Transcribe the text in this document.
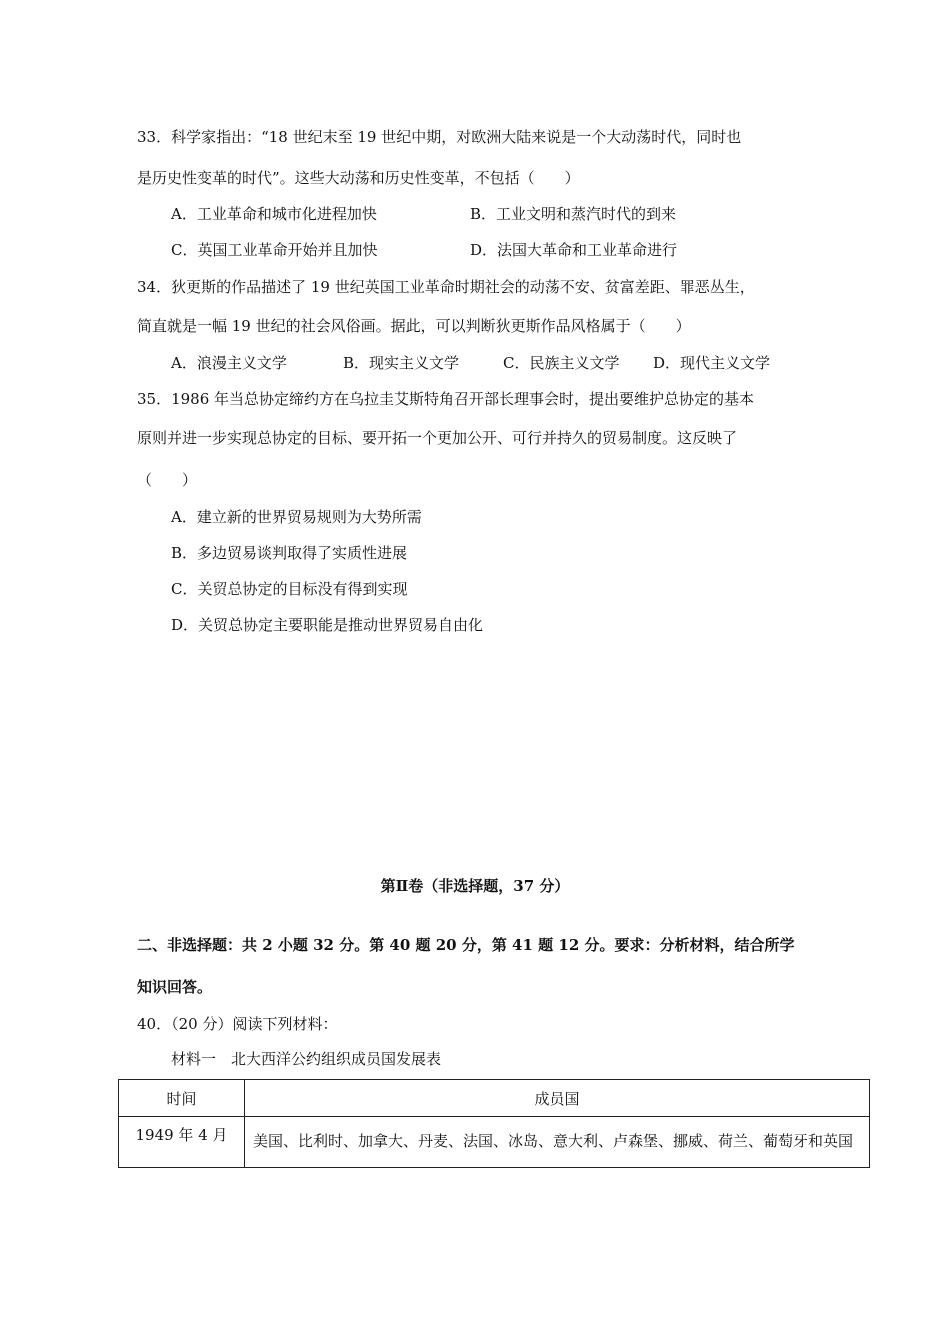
33．科学家指出：“18 世纪末至 19 世纪中期，对欧洲大陆来说是一个大动荡时代，同时也
是历史性变革的时代”。这些大动荡和历史性变革，不包括（　　）
A．工业革命和城市化进程加快	B．工业文明和蒸汽时代的到来
C．英国工业革命开始并且加快	D．法国大革命和工业革命进行
34．狄更斯的作品描述了 19 世纪英国工业革命时期社会的动荡不安、贫富差距、罪恶丛生，
简直就是一幅 19 世纪的社会风俗画。据此，可以判断狄更斯作品风格属于（　　）
A．浪漫主义文学	B．现实主义文学	C．民族主义文学 D．现代主义文学
35．1986 年当总协定缔约方在乌拉圭艾斯特角召开部长理事会时，提出要维护总协定的基本
原则并进一步实现总协定的目标、要开拓一个更加公开、可行并持久的贸易制度。这反映了
（　　）
A．建立新的世界贸易规则为大势所需
B．多边贸易谈判取得了实质性进展
C．关贸总协定的目标没有得到实现
D．关贸总协定主要职能是推动世界贸易自由化
第Ⅱ卷（非选择题，37 分）
二、非选择题：共 2 小题 32 分。第 40 题 20 分，第 41 题 12 分。要求：分析材料，结合所学
知识回答。
40．（20 分）阅读下列材料：
材料一　北大西洋公约组织成员国发展表
时间	成员国
1949 年 4 月	美国、比利时、加拿大、丹麦、法国、冰岛、意大利、卢森堡、挪威、荷兰、葡萄牙和英国
